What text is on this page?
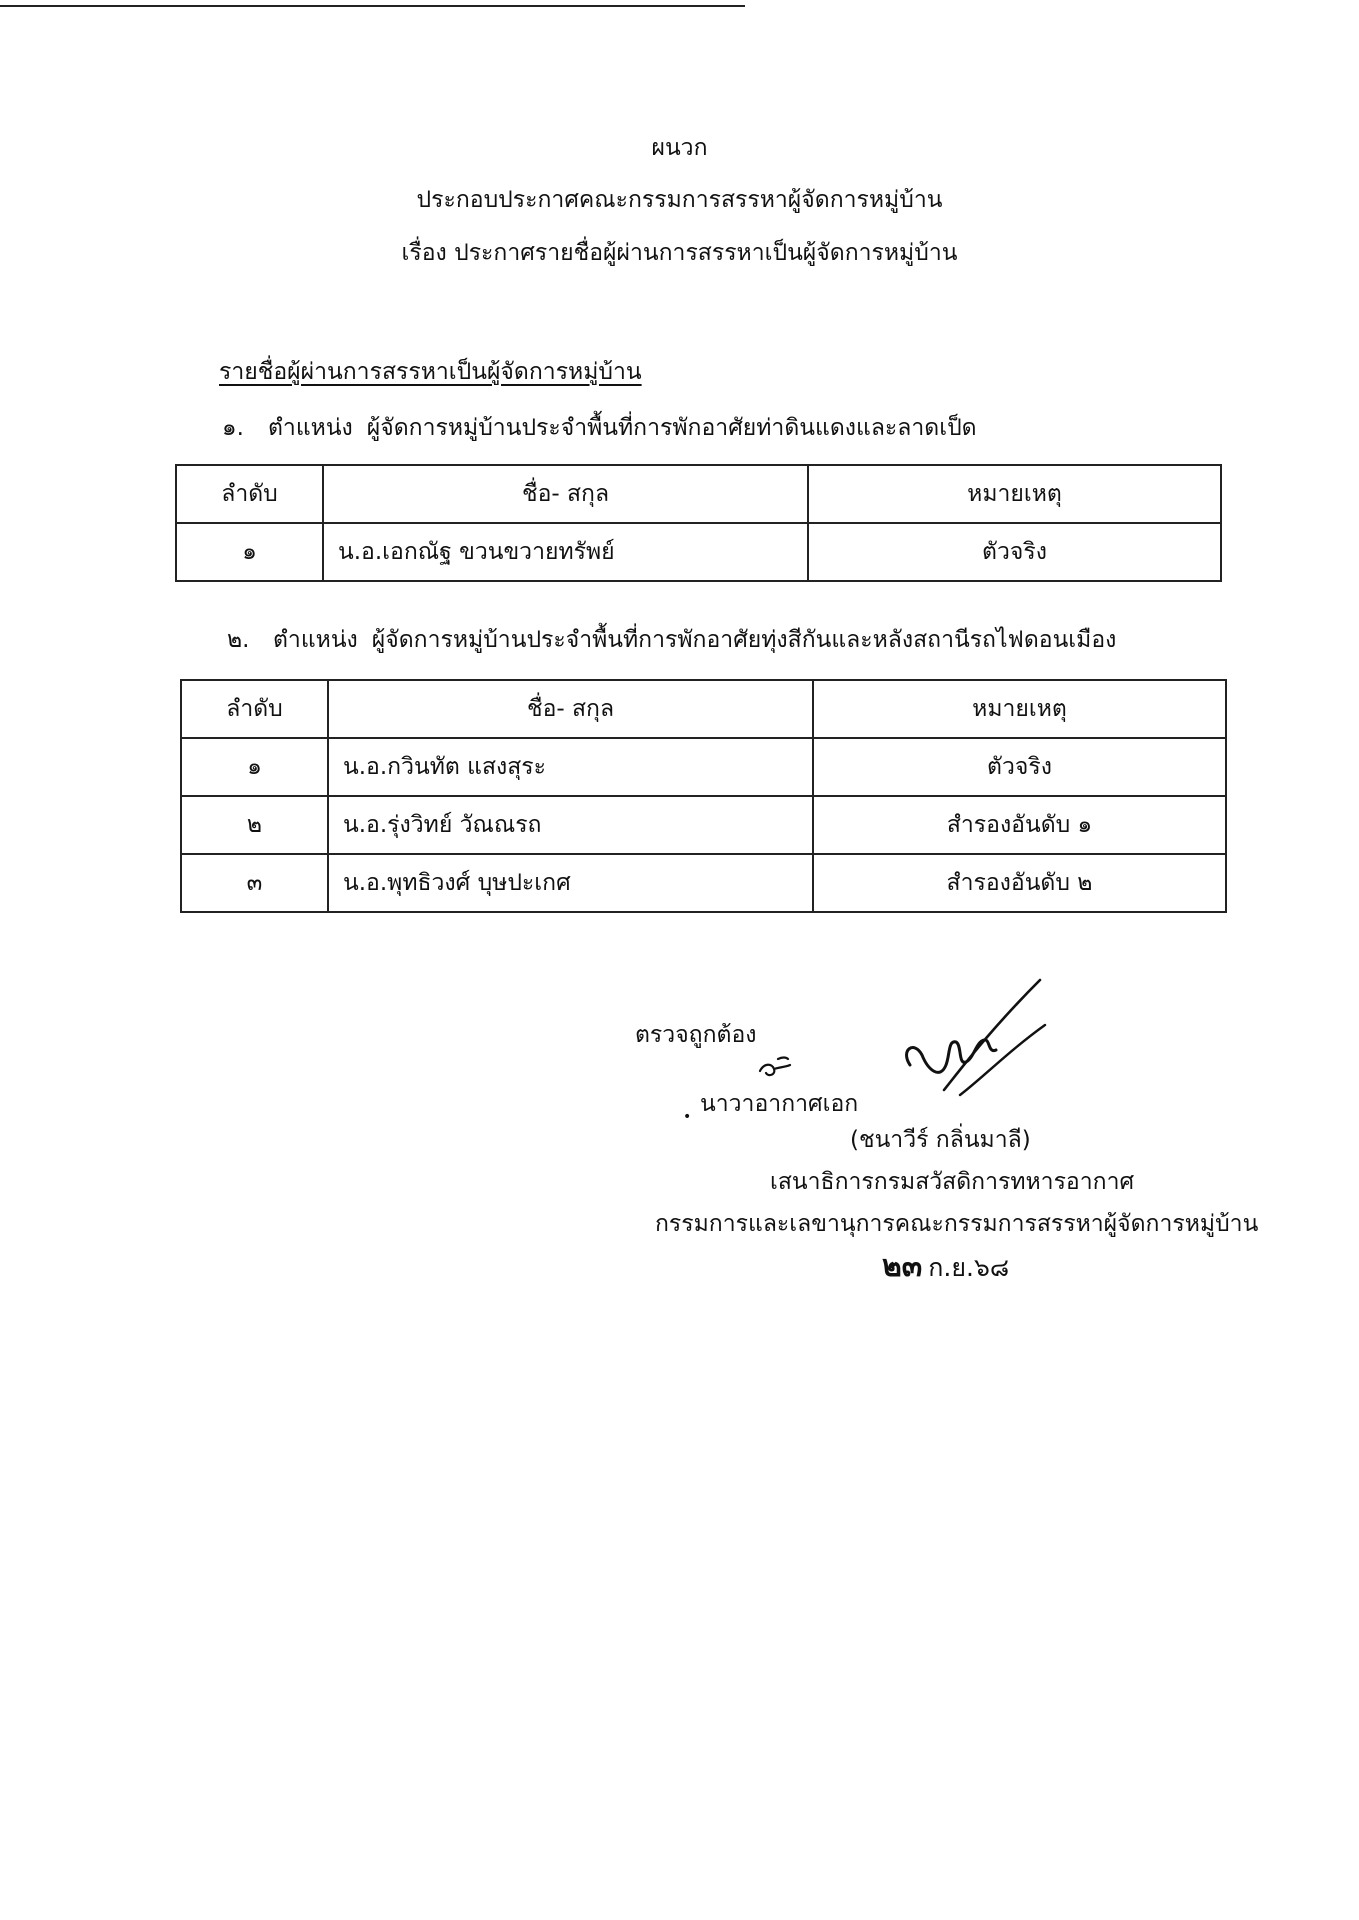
ผนวก
ประกอบประกาศคณะกรรมการสรรหาผู้จัดการหมู่บ้าน
เรื่อง ประกาศรายชื่อผู้ผ่านการสรรหาเป็นผู้จัดการหมู่บ้าน
รายชื่อผู้ผ่านการสรรหาเป็นผู้จัดการหมู่บ้าน
๑. ตำแหน่ง ผู้จัดการหมู่บ้านประจำพื้นที่การพักอาศัยท่าดินแดงและลาดเป็ด
ลำดับ	ชื่อ- สกุล	หมายเหตุ
๑	น.อ.เอกณัฐ ขวนขวายทรัพย์	ตัวจริง
๒. ตำแหน่ง ผู้จัดการหมู่บ้านประจำพื้นที่การพักอาศัยทุ่งสีกันและหลังสถานีรถไฟดอนเมือง
ลำดับ	ชื่อ- สกุล	หมายเหตุ
๑	น.อ.กวินทัต แสงสุระ	ตัวจริง
๒	น.อ.รุ่งวิทย์ วัณณรถ	สำรองอันดับ ๑
๓	น.อ.พุทธิวงศ์ บุษปะเกศ	สำรองอันดับ ๒
ตรวจถูกต้อง
นาวาอากาศเอก
•
(ชนาวีร์ กลิ่นมาลี)
เสนาธิการกรมสวัสดิการทหารอากาศ
กรรมการและเลขานุการคณะกรรมการสรรหาผู้จัดการหมู่บ้าน
๒๓ ก.ย.๖๘
